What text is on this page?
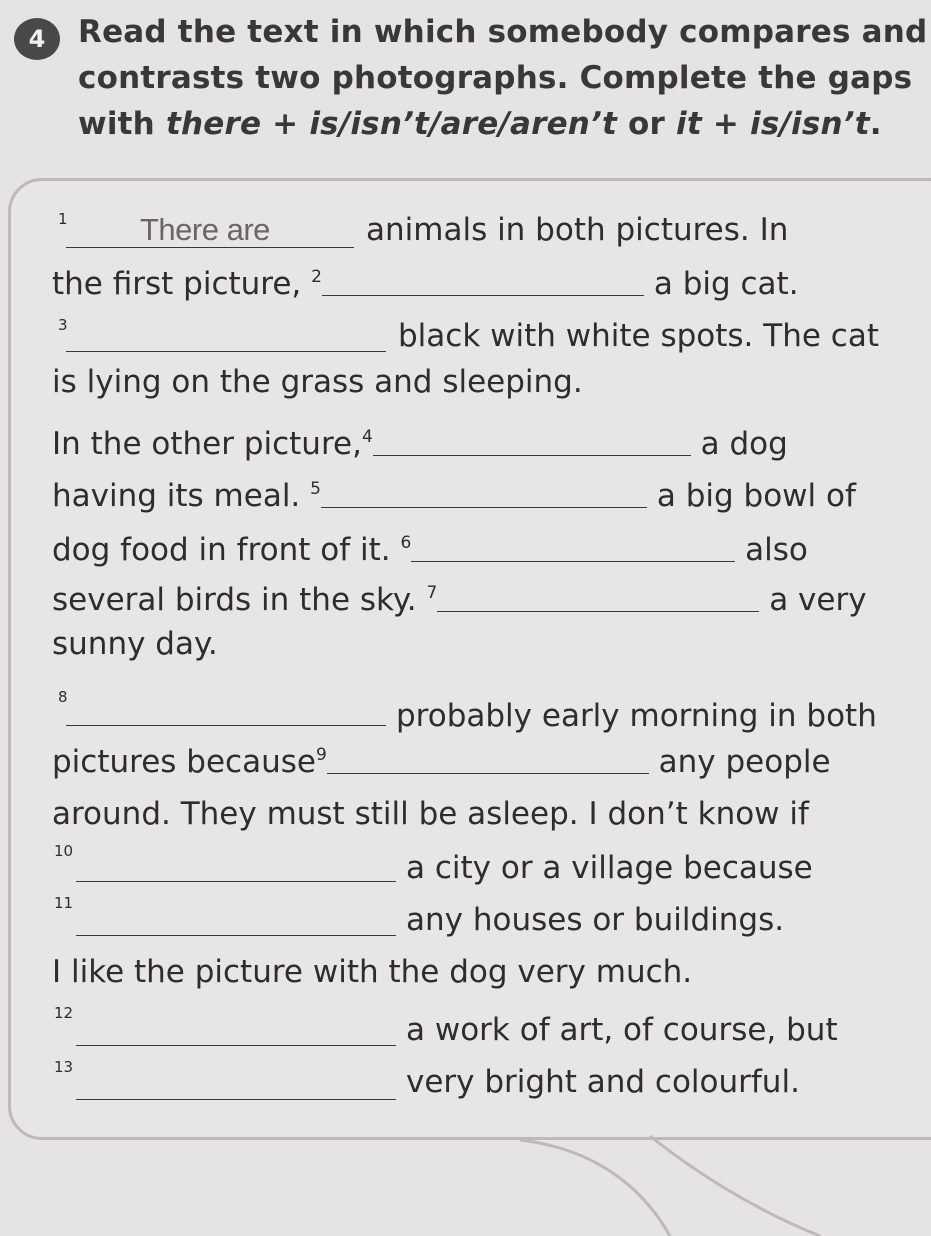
4	Read the text in which somebody compares and
contrasts two photographs. Complete the gaps
with there + is/isn’t/are/aren’t or it + is/isn’t.
1 There are	animals in both pictures. In
the first picture, $^2$	a big cat.
3	black with white spots. The cat
is lying on the grass and sleeping.
In the other picture,$^4$	a dog
having its meal. $^5$	a big bowl of
dog food in front of it. $^6$	also
several birds in the sky. $^7$	a very
sunny day.
8
probably early morning in both
pictures because$^9$	any people
around. They must still be asleep. I don’t know if
10	a city or a village because
11	any houses or buildings.
I like the picture with the dog very much.
12	a work of art, of course, but
13	very bright and colourful.
